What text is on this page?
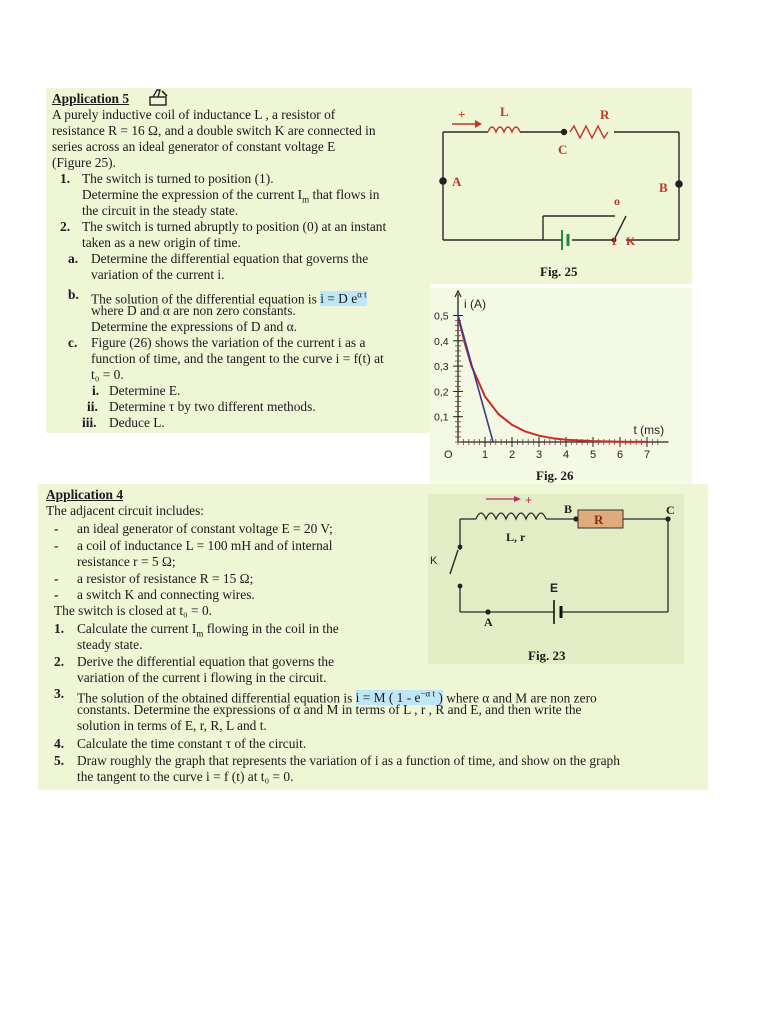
Application 5
A purely inductive coil of inductance L , a resistor of
resistance R = 16 Ω, and a double switch K are connected in
series across an ideal generator of constant voltage E
(Figure 25).
1. The switch is turned to position (1).
Determine the expression of the current $I_m$ that flows in
the circuit in the steady state.
2. The switch is turned abruptly to position (0) at an instant
taken as a new origin of time.
a. Determine the differential equation that governs the
variation of the current i.
b. The solution of the differential equation is i = D $e^{\alpha t}$
where D and α are non zero constants.
Determine the expressions of D and α.
c. Figure (26) shows the variation of the current i as a
function of time, and the tangent to the curve i = f(t) at
t₀ = 0.
i. Determine E.
ii. Determine τ by two different methods.
iii. Deduce L.
+	L	R
C
A	B
o
1 K
Fig. 25
1 2 3 4 5 6 7
0,1
0,2
0,3
0,4
0,5
O
i (A)
t (ms)
Fig. 26
Application 4
The adjacent circuit includes:
- an ideal generator of constant voltage E = 20 V;
- a coil of inductance L = 100 mH and of internal
resistance r = 5 Ω;
- a resistor of resistance R = 15 Ω;
- a switch K and connecting wires.
The switch is closed at t₀ = 0.
1. Calculate the current $I_m$ flowing in the coil in the
steady state.
2. Derive the differential equation that governs the
variation of the current i flowing in the circuit.
3. The solution of the obtained differential equation is i = M ( $1 - e^{-\alpha t}$ ) where α and M are non zero
constants. Determine the expressions of α and M in terms of L , r , R and E, and then write the
solution in terms of E, r, R, L and t.
4. Calculate the time constant τ of the circuit.
5. Draw roughly the graph that represents the variation of i as a function of time, and show on the graph
the tangent to the curve i = f (t) at t₀ = 0.
+
B
R
C
L, r
K
E
A
Fig. 23
